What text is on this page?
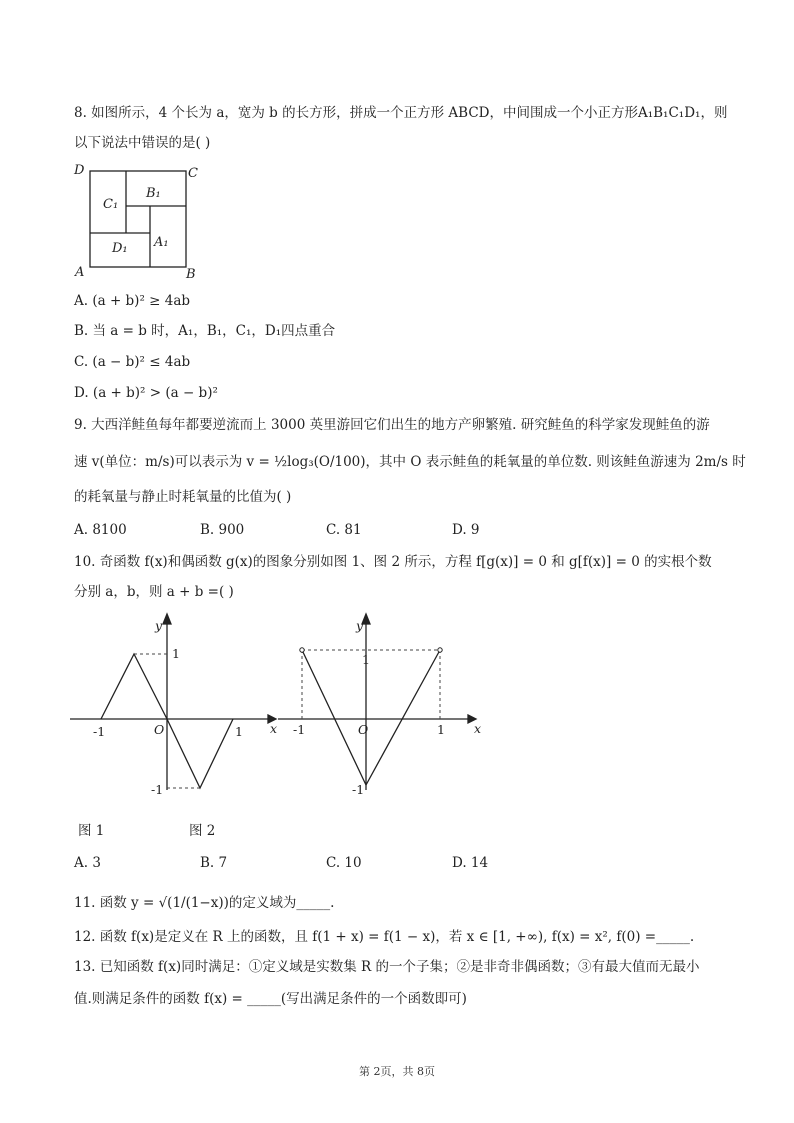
8. 如图所示，4 个长为 a，宽为 b 的长方形，拼成一个正方形 ABCD，中间围成一个小正方形A₁B₁C₁D₁，则
以下说法中错误的是( )
D	C
A	B
C₁
B₁
D₁ A₁
A. (a + b)² ≥ 4ab
B. 当 a = b 时，A₁，B₁，C₁，D₁四点重合
C. (a − b)² ≤ 4ab
D. (a + b)² > (a − b)²
9. 大西洋鲑鱼每年都要逆流而上 3000 英里游回它们出生的地方产卵繁殖. 研究鲑鱼的科学家发现鲑鱼的游
速 v(单位：m/s)可以表示为 v = ½log₃(O/100)，其中 O 表示鲑鱼的耗氧量的单位数. 则该鲑鱼游速为 2m/s 时
的耗氧量与静止时耗氧量的比值为( )
A. 8100	B. 900	C. 81	D. 9
10. 奇函数 f(x)和偶函数 g(x)的图象分别如图 1、图 2 所示，方程 f[g(x)] = 0 和 g[f(x)] = 0 的实根个数
分别 a，b，则 a + b =( )
y
x
O
1
-1	1
-1
y
x
O
1
-1	1
-1
图 1	图 2
A. 3	B. 7	C. 10	D. 14
11. 函数 y = √(1/(1−x))的定义域为_____.
12. 函数 f(x)是定义在 R 上的函数，且 f(1 + x) = f(1 − x)，若 x ∈ [1, +∞), f(x) = x², f(0) =_____.
13. 已知函数 f(x)同时满足：①定义域是实数集 R 的一个子集；②是非奇非偶函数；③有最大值而无最小
值.则满足条件的函数 f(x) = _____(写出满足条件的一个函数即可)
第 2页，共 8页
